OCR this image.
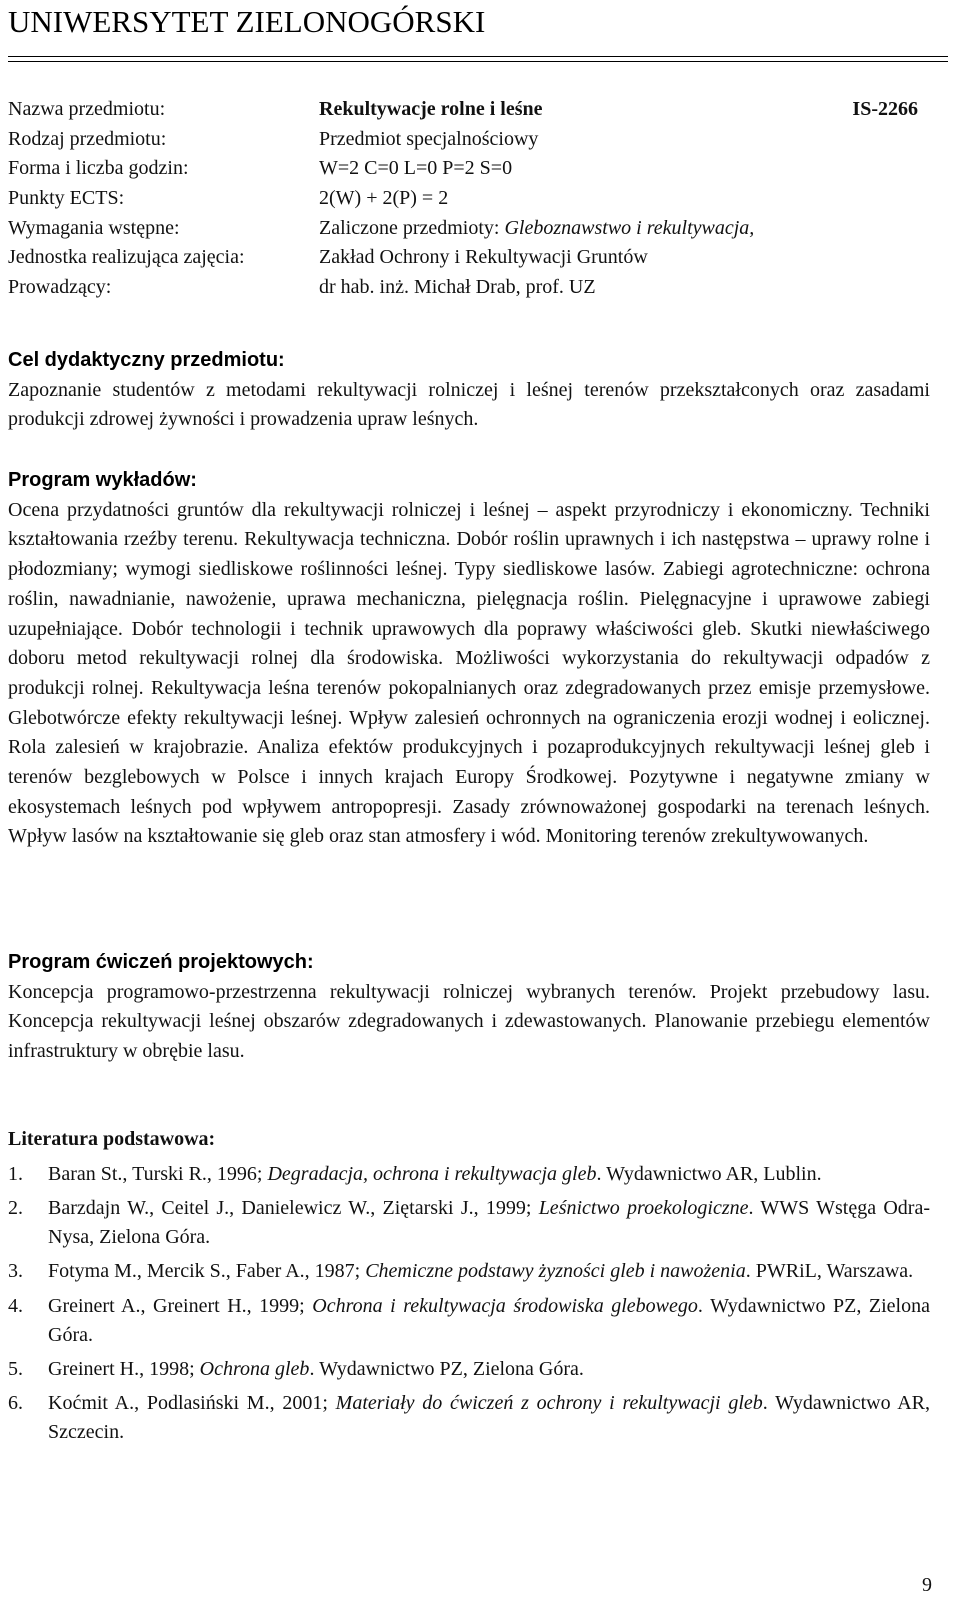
UNIWERSYTET ZIELONOGÓRSKI
Nazwa przedmiotu:	Rekultywacje rolne i leśne	IS-2266
Rodzaj przedmiotu:	Przedmiot specjalnościowy
Forma i liczba godzin:	W=2 C=0 L=0 P=2 S=0
Punkty ECTS:	2(W) + 2(P) = 2
Wymagania wstępne:	Zaliczone przedmioty: Gleboznawstwo i rekultywacja,
Jednostka realizująca zajęcia:	Zakład Ochrony i Rekultywacji Gruntów
Prowadzący:	dr hab. inż. Michał Drab, prof. UZ
Cel dydaktyczny przedmiotu:

Zapoznanie studentów z metodami rekultywacji rolniczej i leśnej terenów przekształconych oraz zasadami produkcji zdrowej żywności i prowadzenia upraw leśnych.

Program wykładów:

Ocena przydatności gruntów dla rekultywacji rolniczej i leśnej – aspekt przyrodniczy i ekonomiczny. Techniki kształtowania rzeźby terenu. Rekultywacja techniczna. Dobór roślin uprawnych i ich następstwa – uprawy rolne i płodozmiany; wymogi siedliskowe roślinności leśnej. Typy siedliskowe lasów. Zabiegi agrotechniczne: ochrona roślin, nawadnianie, nawożenie, uprawa mechaniczna, pielęgnacja roślin. Pielęgnacyjne i uprawowe zabiegi uzupełniające. Dobór technologii i technik uprawowych dla poprawy właściwości gleb. Skutki niewłaściwego doboru metod rekultywacji rolnej dla środowiska. Możliwości wykorzystania do rekultywacji odpadów z produkcji rolnej. Rekultywacja leśna terenów pokopalnianych oraz zdegradowanych przez emisje przemysłowe. Glebotwórcze efekty rekultywacji leśnej. Wpływ zalesień ochronnych na ograniczenia erozji wodnej i eolicznej. Rola zalesień w krajobrazie. Analiza efektów produkcyjnych i pozaprodukcyjnych rekultywacji leśnej gleb i terenów bezglebowych w Polsce i innych krajach Europy Środkowej. Pozytywne i negatywne zmiany w ekosystemach leśnych pod wpływem antropopresji. Zasady zrównoważonej gospodarki na terenach leśnych. Wpływ lasów na kształtowanie się gleb oraz stan atmosfery i wód. Monitoring terenów zrekultywowanych.

Program ćwiczeń projektowych:

Koncepcja programowo-przestrzenna rekultywacji rolniczej wybranych terenów. Projekt przebudowy lasu. Koncepcja rekultywacji leśnej obszarów zdegradowanych i zdewastowanych. Planowanie przebiegu elementów infrastruktury w obrębie lasu.

Literatura podstawowa:
1. Baran St., Turski R., 1996; Degradacja, ochrona i rekultywacja gleb. Wydawnictwo AR, Lublin.
2. Barzdajn W., Ceitel J., Danielewicz W., Ziętarski J., 1999; Leśnictwo proekologiczne. WWS Wstęga Odra-Nysa, Zielona Góra.
3. Fotyma M., Mercik S., Faber A., 1987; Chemiczne podstawy żyzności gleb i nawożenia. PWRiL, Warszawa.
4. Greinert A., Greinert H., 1999; Ochrona i rekultywacja środowiska glebowego. Wydawnictwo PZ, Zielona Góra.
5. Greinert H., 1998; Ochrona gleb. Wydawnictwo PZ, Zielona Góra.
6. Koćmit A., Podlasiński M., 2001; Materiały do ćwiczeń z ochrony i rekultywacji gleb. Wydawnictwo AR, Szczecin.
9
